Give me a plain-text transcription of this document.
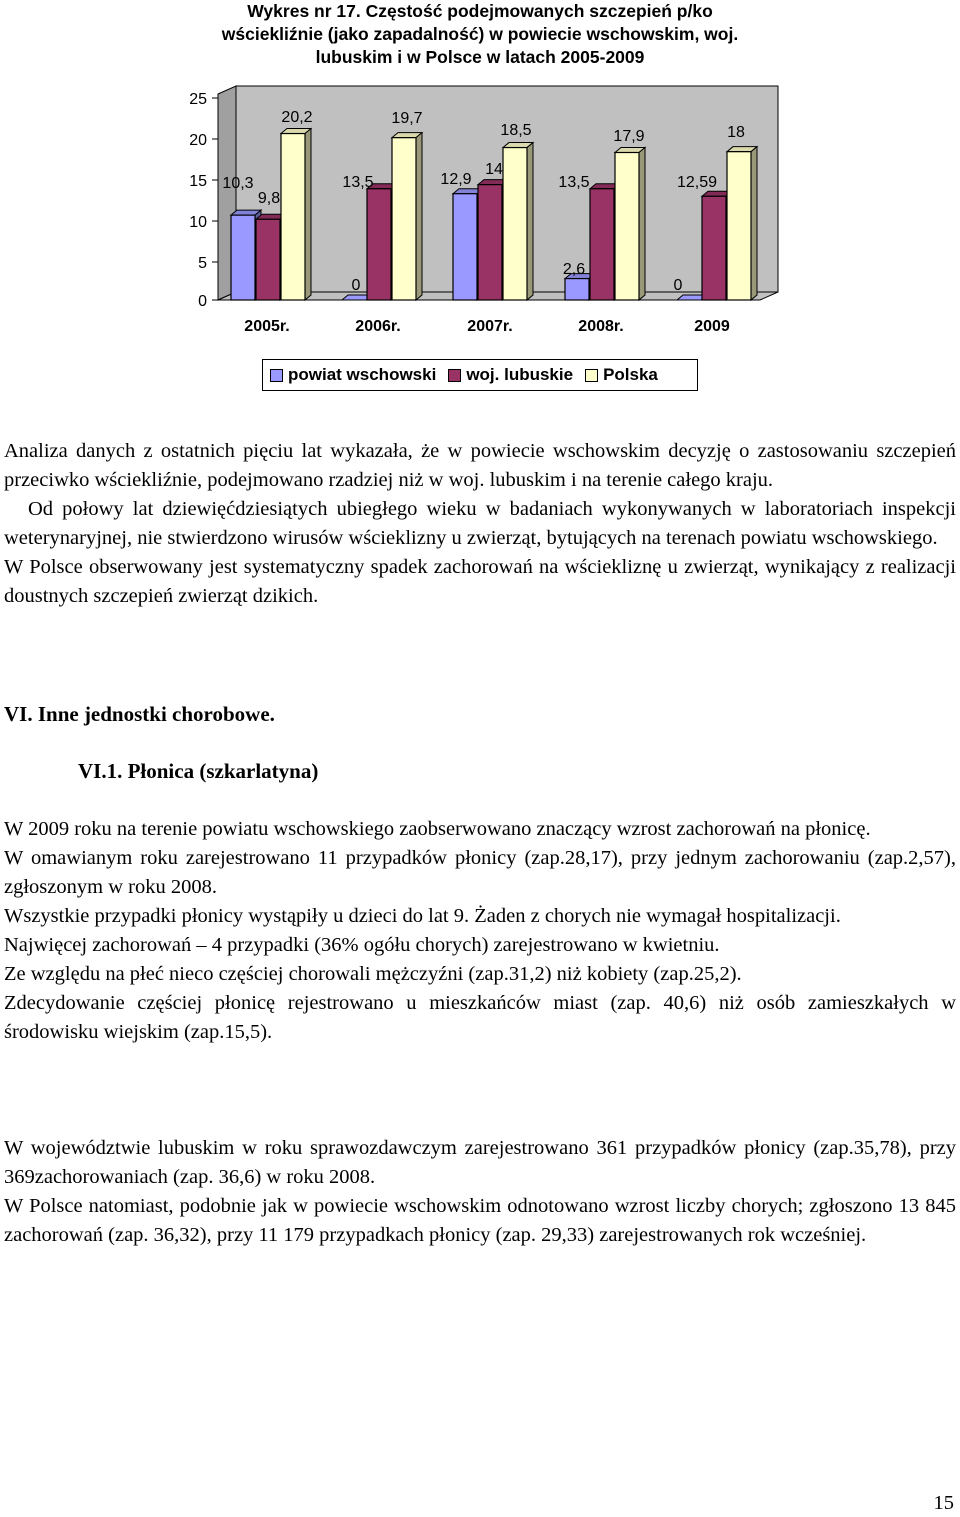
Wykres nr 17. Częstość podejmowanych szczepień p/ko
wściekliźnie (jako zapadalność) w powiecie wschowskim, woj.
lubuskim i w Polsce w latach 2005-2009
0
5
10
15
20
25
10,3
9,8
20,2
0
13,5
19,7
12,9
14
18,5
2,6
13,5
17,9
0
12,59
18
2005r.	2006r.	2007r.	2008r.	2009
powiat wschowski woj. lubuskie Polska

Analiza danych z ostatnich pięciu lat wykazała, że w powiecie wschowskim decyzję o zastosowaniu szczepień przeciwko wściekliźnie, podejmowano rzadziej niż w woj. lubuskim i na terenie całego kraju.

Od połowy lat dziewięćdziesiątych ubiegłego wieku w badaniach wykonywanych w laboratoriach inspekcji weterynaryjnej, nie stwierdzono wirusów wścieklizny u zwierząt, bytujących na terenach powiatu wschowskiego.

W Polsce obserwowany jest systematyczny spadek zachorowań na wściekliznę u zwierząt, wynikający z realizacji doustnych szczepień zwierząt dzikich.

VI. Inne jednostki chorobowe.
VI.1. Płonica (szkarlatyna)

W 2009 roku na terenie powiatu wschowskiego zaobserwowano znaczący wzrost zachorowań na płonicę.

W omawianym roku zarejestrowano 11 przypadków płonicy (zap.28,17), przy jednym zachorowaniu (zap.2,57), zgłoszonym w roku 2008.

Wszystkie przypadki płonicy wystąpiły u dzieci do lat 9. Żaden z chorych nie wymagał hospitalizacji.

Najwięcej zachorowań – 4 przypadki (36% ogółu chorych) zarejestrowano w kwietniu.

Ze względu na płeć nieco częściej chorowali mężczyźni (zap.31,2) niż kobiety (zap.25,2).

Zdecydowanie częściej płonicę rejestrowano u mieszkańców miast (zap. 40,6) niż osób zamieszkałych w środowisku wiejskim (zap.15,5).

W województwie lubuskim w roku sprawozdawczym zarejestrowano 361 przypadków płonicy (zap.35,78), przy 369zachorowaniach (zap. 36,6) w roku 2008.

W Polsce natomiast, podobnie jak w powiecie wschowskim odnotowano wzrost liczby chorych; zgłoszono 13 845 zachorowań (zap. 36,32), przy 11 179 przypadkach płonicy (zap. 29,33) zarejestrowanych rok wcześniej.

15
